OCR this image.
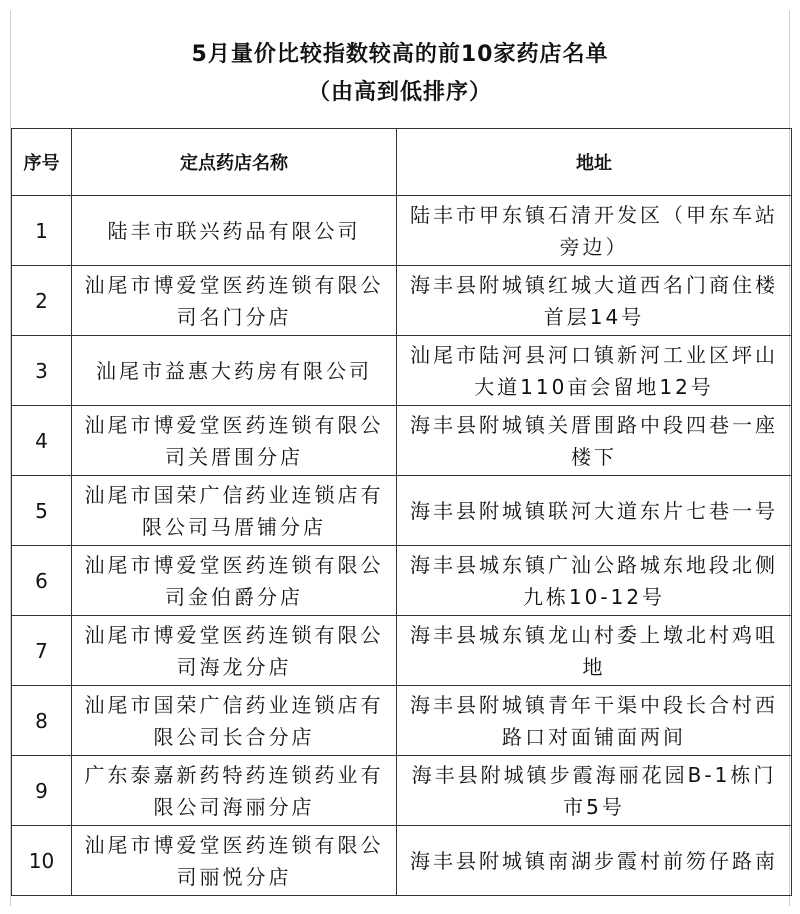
5月量价比较指数较高的前10家药店名单
（由高到低排序）
序号	定点药店名称	地址
1	陆丰市联兴药品有限公司	陆丰市甲东镇石清开发区（甲东车站旁边）
2	汕尾市博爱堂医药连锁有限公司名门分店	海丰县附城镇红城大道西名门商住楼首层14号
3	汕尾市益惠大药房有限公司	汕尾市陆河县河口镇新河工业区坪山大道110亩会留地12号
4	汕尾市博爱堂医药连锁有限公司关厝围分店	海丰县附城镇关厝围路中段四巷一座楼下
5	汕尾市国荣广信药业连锁店有限公司马厝铺分店	海丰县附城镇联河大道东片七巷一号
6	汕尾市博爱堂医药连锁有限公司金伯爵分店	海丰县城东镇广汕公路城东地段北侧九栋10-12号
7	汕尾市博爱堂医药连锁有限公司海龙分店	海丰县城东镇龙山村委上墩北村鸡咀地
8	汕尾市国荣广信药业连锁店有限公司长合分店	海丰县附城镇青年干渠中段长合村西路口对面铺面两间
9	广东泰嘉新药特药连锁药业有限公司海丽分店	海丰县附城镇步霞海丽花园B-1栋门市5号
10	汕尾市博爱堂医药连锁有限公司丽悦分店	海丰县附城镇南湖步霞村前笏仔路南
